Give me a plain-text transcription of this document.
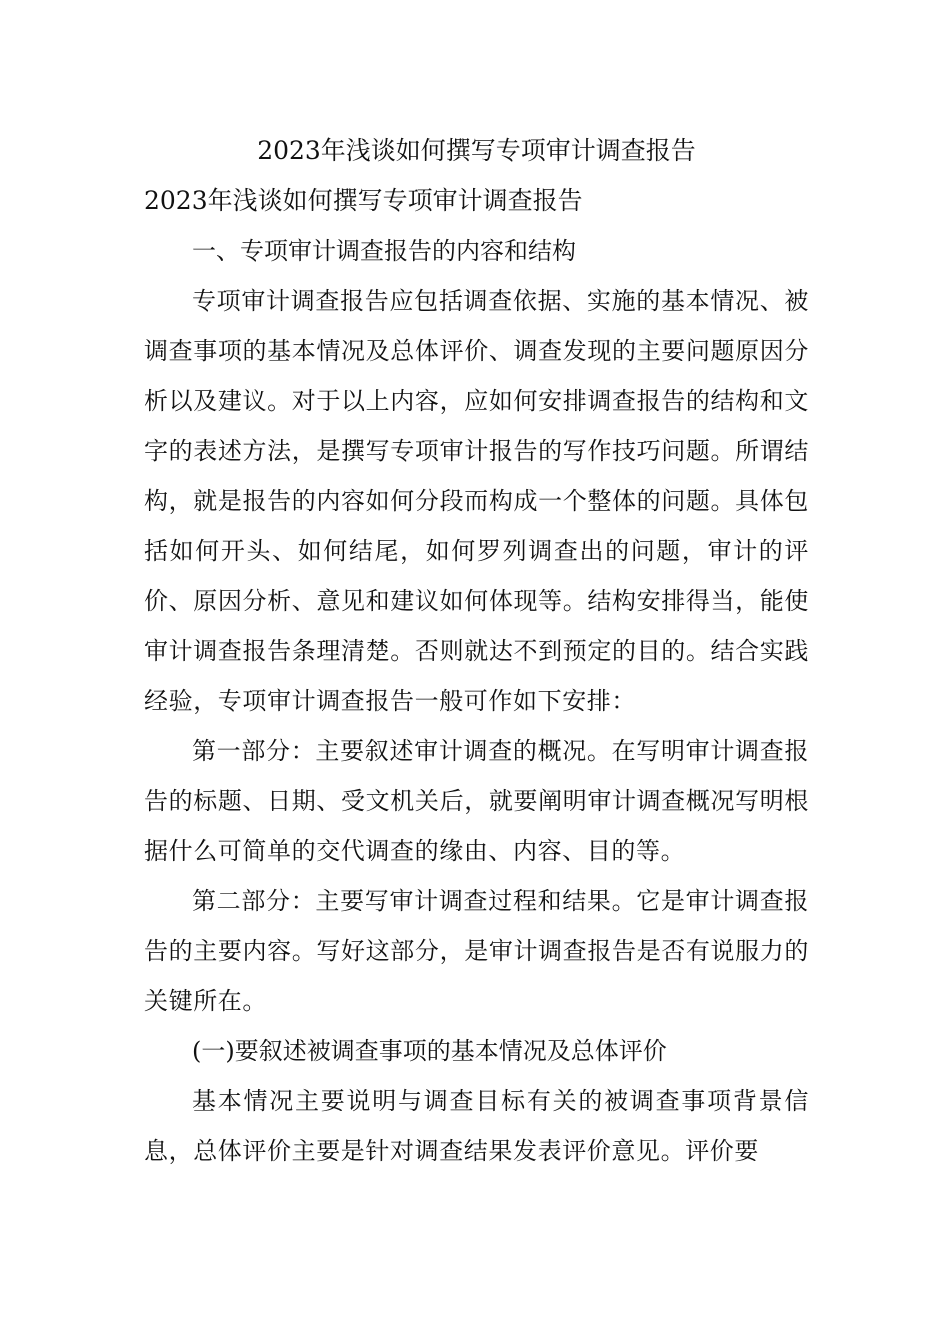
2023年浅谈如何撰写专项审计调查报告

2023年浅谈如何撰写专项审计调查报告

一、专项审计调查报告的内容和结构

专项审计调查报告应包括调查依据、实施的基本情况、被调查事项的基本情况及总体评价、调查发现的主要问题原因分析以及建议。对于以上内容，应如何安排调查报告的结构和文字的表述方法，是撰写专项审计报告的写作技巧问题。所谓结构，就是报告的内容如何分段而构成一个整体的问题。具体包括如何开头、如何结尾，如何罗列调查出的问题，审计的评价、原因分析、意见和建议如何体现等。结构安排得当，能使审计调查报告条理清楚。否则就达不到预定的目的。结合实践经验，专项审计调查报告一般可作如下安排：

第一部分：主要叙述审计调查的概况。在写明审计调查报告的标题、日期、受文机关后，就要阐明审计调查概况写明根据什么可简单的交代调查的缘由、内容、目的等。

第二部分：主要写审计调查过程和结果。它是审计调查报告的主要内容。写好这部分，是审计调查报告是否有说服力的关键所在。

(一)要叙述被调查事项的基本情况及总体评价

基本情况主要说明与调查目标有关的被调查事项背景信息，总体评价主要是针对调查结果发表评价意见。评价要
